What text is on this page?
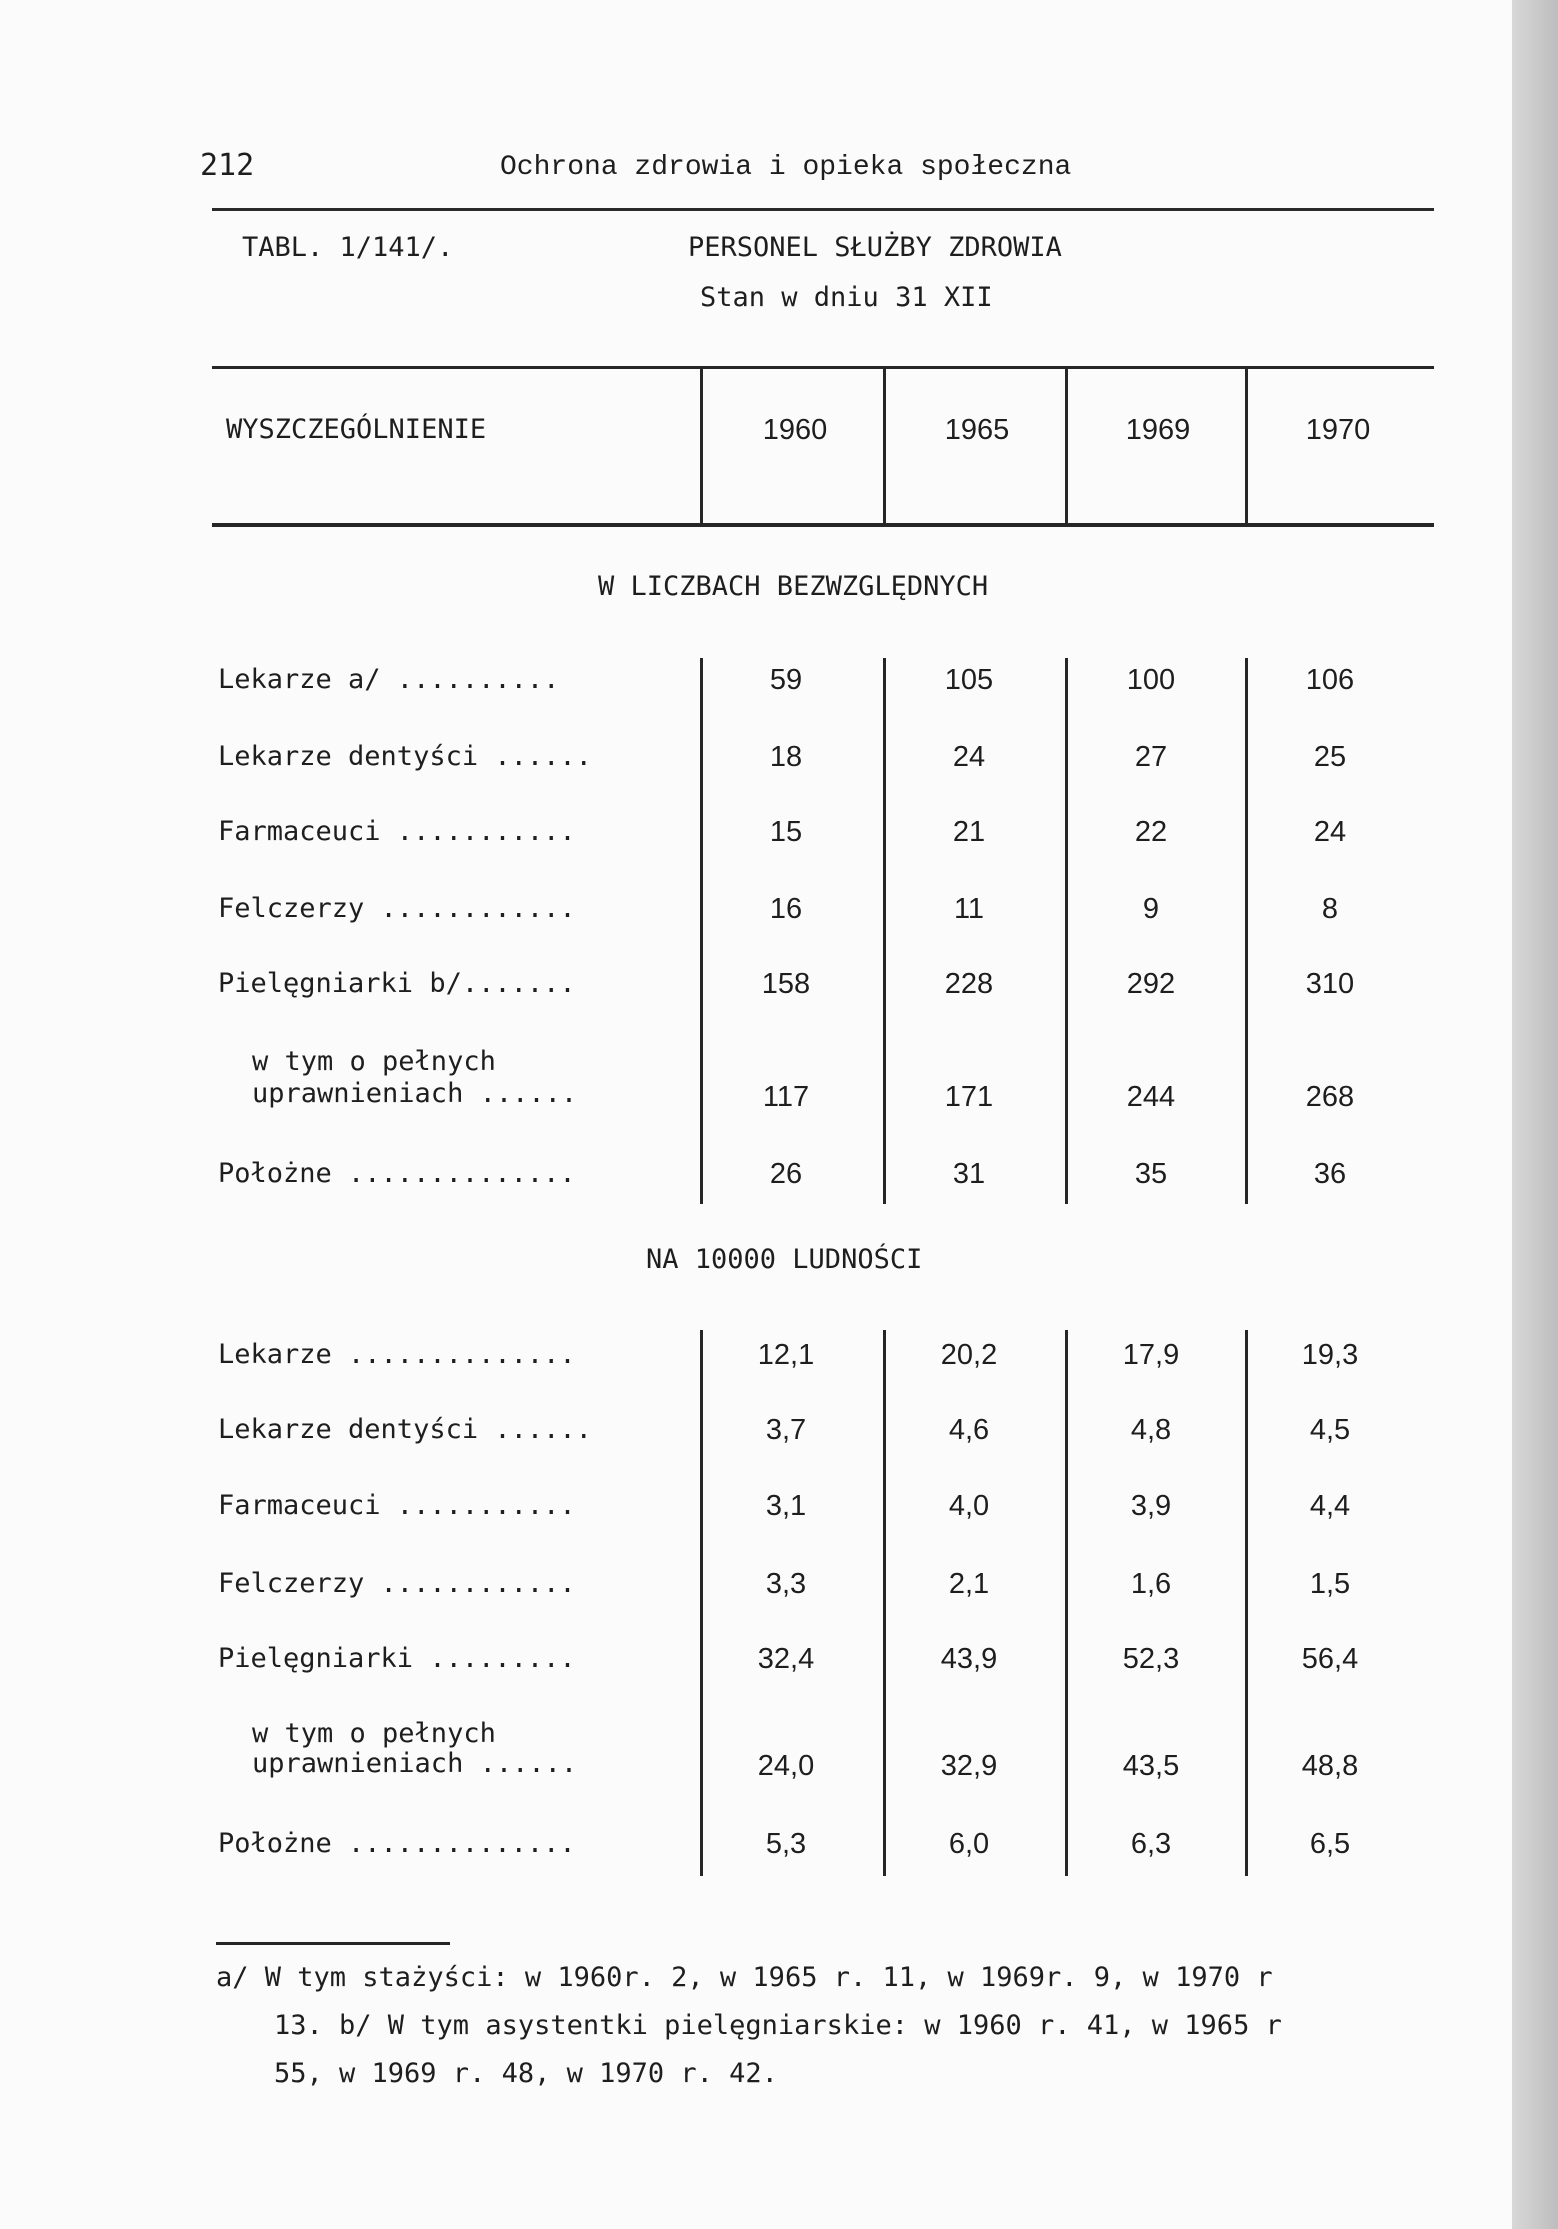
212	Ochrona zdrowia i opieka społeczna
TABL. 1/141/.	PERSONEL SŁUŻBY ZDROWIA
Stan w dniu 31 XII
WYSZCZEGÓLNIENIE	1960	1965	1969	1970
W LICZBACH BEZWZGLĘDNYCH
Lekarze a/ ..........	59	105	100	106
Lekarze dentyści ......	18	24	27	25
Farmaceuci ...........	15	21	22	24
Felczerzy ............	16	11	9	8
Pielęgniarki b/.......	158	228	292	310
w tym o pełnych
uprawnieniach ......	117	171	244	268
Położne ..............	26	31	35	36
NA 10000 LUDNOŚCI
Lekarze ..............	12,1	20,2	17,9	19,3
Lekarze dentyści ......	3,7	4,6	4,8	4,5
Farmaceuci ...........	3,1	4,0	3,9	4,4
Felczerzy ............	3,3	2,1	1,6	1,5
Pielęgniarki .........	32,4	43,9	52,3	56,4
w tym o pełnych
uprawnieniach ......	24,0	32,9	43,5	48,8
Położne ..............	5,3	6,0	6,3	6,5
a/ W tym stażyści: w 1960r. 2, w 1965 r. 11, w 1969r. 9, w 1970 r
13. b/ W tym asystentki pielęgniarskie: w 1960 r. 41, w 1965 r
55, w 1969 r. 48, w 1970 r. 42.
